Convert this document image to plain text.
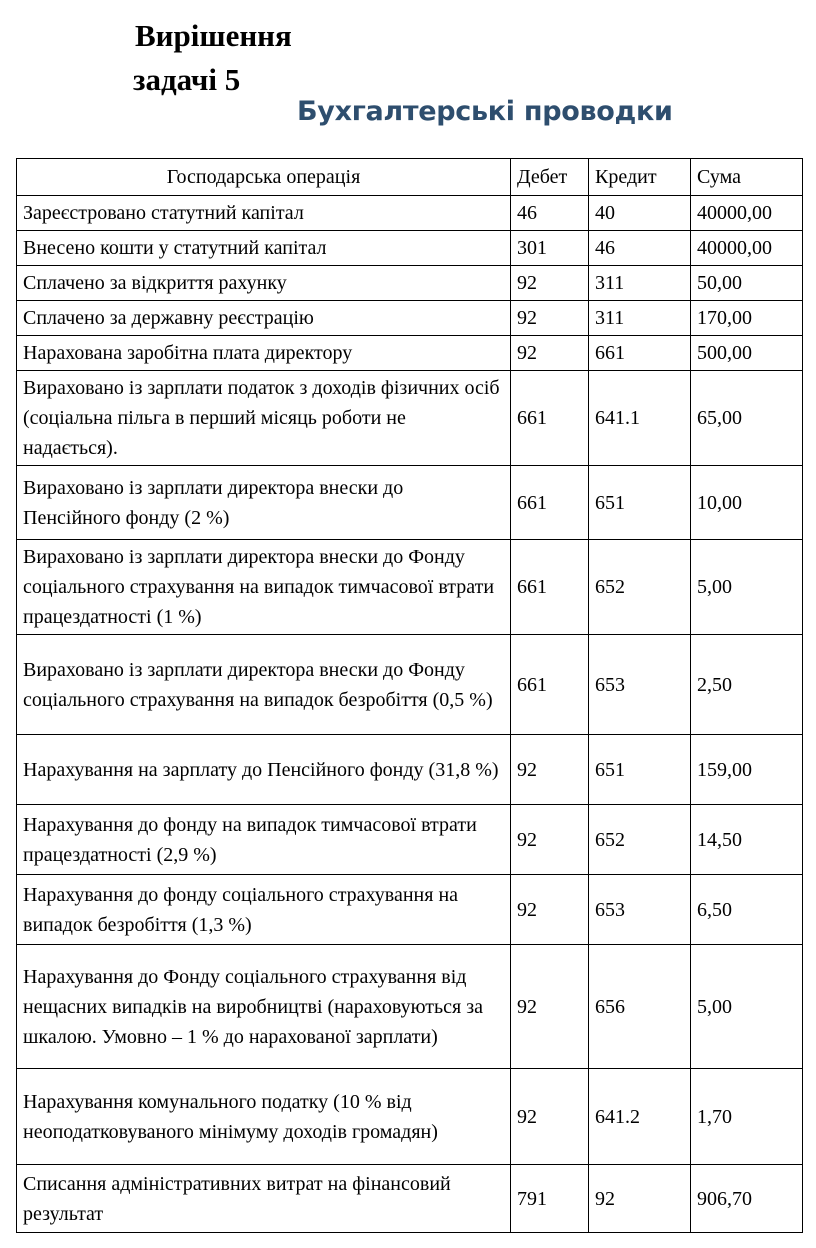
Вирішення
задачі 5
Бухгалтерські проводки
Господарська операція	Дебет	Кредит	Сума
Зареєстровано статутний капітал	46	40	40000,00
Внесено кошти у статутний капітал	301	46	40000,00
Сплачено за відкриття рахунку	92	311	50,00
Сплачено за державну реєстрацію	92	311	170,00
Нарахована заробітна плата директору	92	661	500,00
Вираховано із зарплати податок з доходів фізичних осіб (соціальна пільга в перший місяць роботи не надається).	661	641.1	65,00
Вираховано із зарплати директора внески до Пенсійного фонду (2 %)	661	651	10,00
Вираховано із зарплати директора внески до Фонду соціального страхування на випадок тимчасової втрати працездатності (1 %)	661	652	5,00
Вираховано із зарплати директора внески до Фонду соціального страхування на випадок безробіття (0,5 %)	661	653	2,50
Нарахування на зарплату до Пенсійного фонду (31,8 %)	92	651	159,00
Нарахування до фонду на випадок тимчасової втрати працездатності (2,9 %)	92	652	14,50
Нарахування до фонду соціального страхування на випадок безробіття (1,3 %)	92	653	6,50
Нарахування до Фонду соціального страхування від нещасних випадків на виробництві (нараховуються за шкалою. Умовно – 1 % до нарахованої зарплати)	92	656	5,00
Нарахування комунального податку (10 % від неоподатковуваного мінімуму доходів громадян)	92	641.2	1,70
Списання адміністративних витрат на фінансовий результат	791	92	906,70
